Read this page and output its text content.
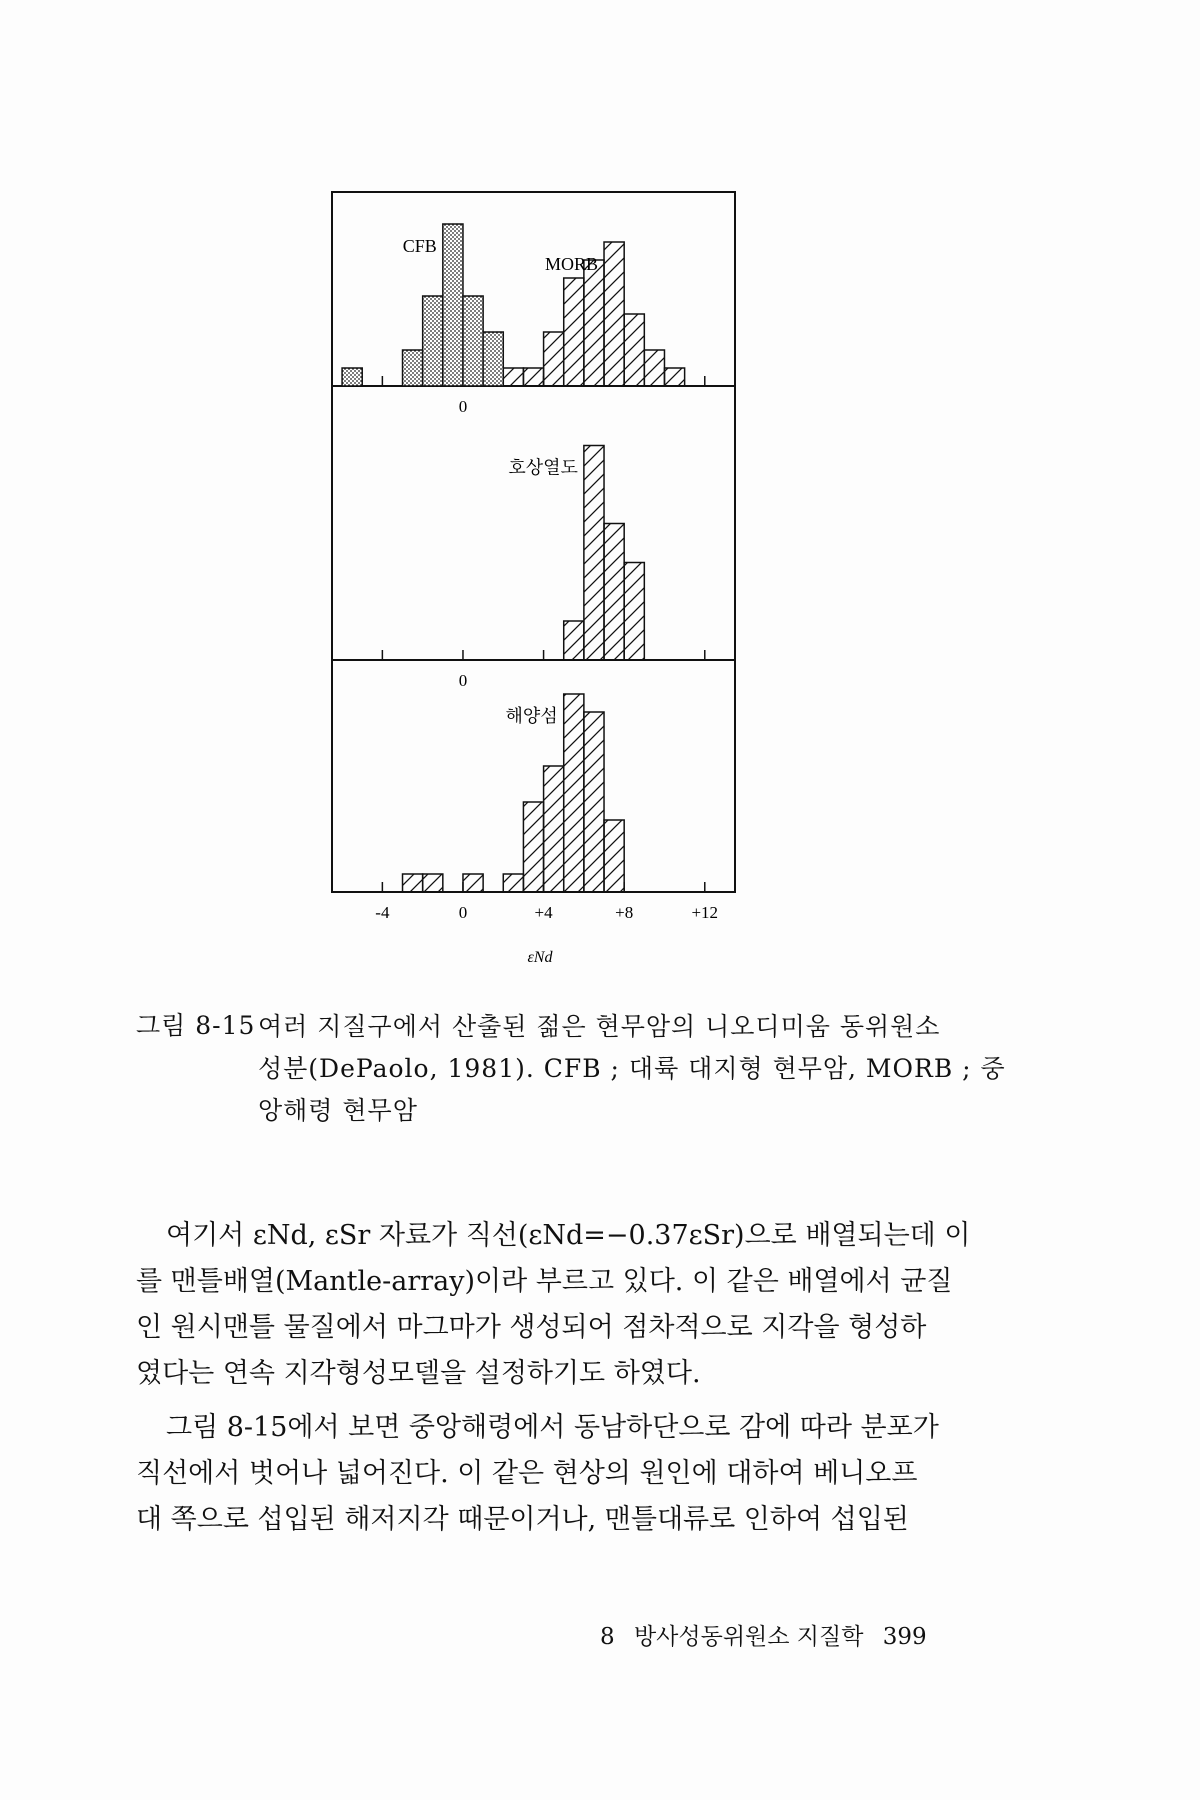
0
CFB
MORB
0
호상열도
-4	0	+4	+8	+12
해양섬
εNd
그림 8-15 여러 지질구에서 산출된 젊은 현무암의 니오디미움 동위원소
성분(DePaolo, 1981). CFB ; 대륙 대지형 현무암, MORB ; 중
앙해령 현무암
여기서 εNd, εSr 자료가 직선(εNd=−0.37εSr)으로 배열되는데 이
를 맨틀배열(Mantle-array)이라 부르고 있다. 이 같은 배열에서 균질
인 원시맨틀 물질에서 마그마가 생성되어 점차적으로 지각을 형성하
였다는 연속 지각형성모델을 설정하기도 하였다.
그림 8-15에서 보면 중앙해령에서 동남하단으로 감에 따라 분포가
직선에서 벗어나 넓어진다. 이 같은 현상의 원인에 대하여 베니오프
대 쪽으로 섭입된 해저지각 때문이거나, 맨틀대류로 인하여 섭입된
8 방사성동위원소 지질학 399
